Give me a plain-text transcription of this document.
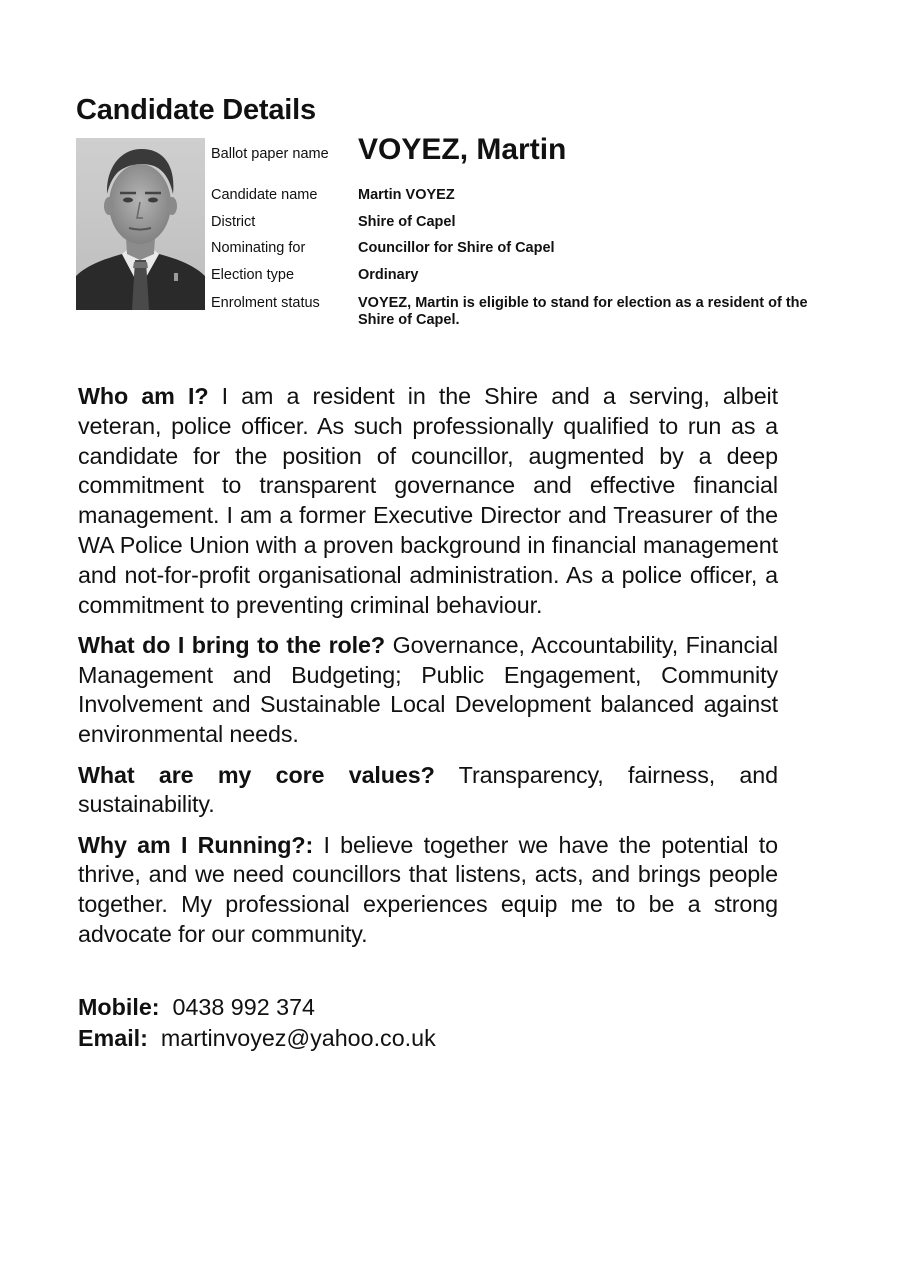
Candidate Details
Ballot paper name VOYEZ, Martin
Candidate name	Martin VOYEZ
District	Shire of Capel
Nominating for	Councillor for Shire of Capel
Election type	Ordinary
Enrolment status	VOYEZ, Martin is eligible to stand for election as a resident of the Shire of Capel.

Who am I? I am a resident in the Shire and a serving, albeit veteran, police officer. As such professionally qualified to run as a candidate for the position of councillor, augmented by a deep commitment to transparent governance and effective financial management. I am a former Executive Director and Treasurer of the WA Police Union with a proven background in financial management and not-for-profit organisational administration. As a police officer, a commitment to preventing criminal behaviour.

What do I bring to the role? Governance, Accountability, Financial Management and Budgeting; Public Engagement, Community Involvement and Sustainable Local Development balanced against environmental needs.

What are my core values? Transparency, fairness, and sustainability.

Why am I Running?: I believe together we have the potential to thrive, and we need councillors that listens, acts, and brings people together. My professional experiences equip me to be a strong advocate for our community.

Mobile: 0438 992 374
Email: martinvoyez@yahoo.co.uk
